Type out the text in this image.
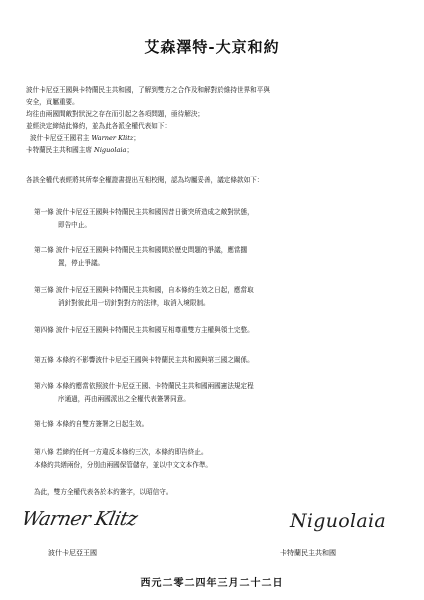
艾森澤特-大京和約

波什卡尼亞王國與卡特蘭民主共和國，了解到雙方之合作及和解對於維持世界和平與

安全，貢屬重要。

均往由兩國間敵對狀況之存在而引起之各項問題，亟待解決；

並經決定締結此條約，並為此各派全權代表如下：

波什卡尼亞王國君主 Warner Klitz；

卡特蘭民主共和國主席 Niguolaia；

各該全權代表經將其所奉全權證書提出互相校閱，認為均屬妥善，議定條款如下：

第一條 波什卡尼亞王國與卡特蘭民主共和國因昔日衝突所造成之敵對狀態，

即告中止。

第二條 波什卡尼亞王國與卡特蘭民主共和國間於歷史問題的爭議，應當擱

置，停止爭議。

第三條 波什卡尼亞王國與卡特蘭民主共和國，自本條約生效之日起，應當取

消針對彼此用一切針對對方的法律，取消入境限制。

第四條 波什卡尼亞王國與卡特蘭民主共和國互相尊重雙方主權與領土完整。

第五條 本條約不影響波什卡尼亞王國與卡特蘭民主共和國與第三國之關係。

第六條 本條約應當依照波什卡尼亞王國、卡特蘭民主共和國兩國憲法規定程

序通過，再由兩國派出之全權代表簽署同意。

第七條 本條約自雙方簽署之日起生效。

第八條 若締約任何一方違反本條約三次，本條約即告終止。

本條約共繕兩份，分別由兩國保管儲存，並以中文文本作準。

為此，雙方全權代表各於本約簽字，以昭信守。
Warner Klitz	Niguolaia
波什卡尼亞王國	卡特蘭民主共和國
西元二零二四年三月二十二日
